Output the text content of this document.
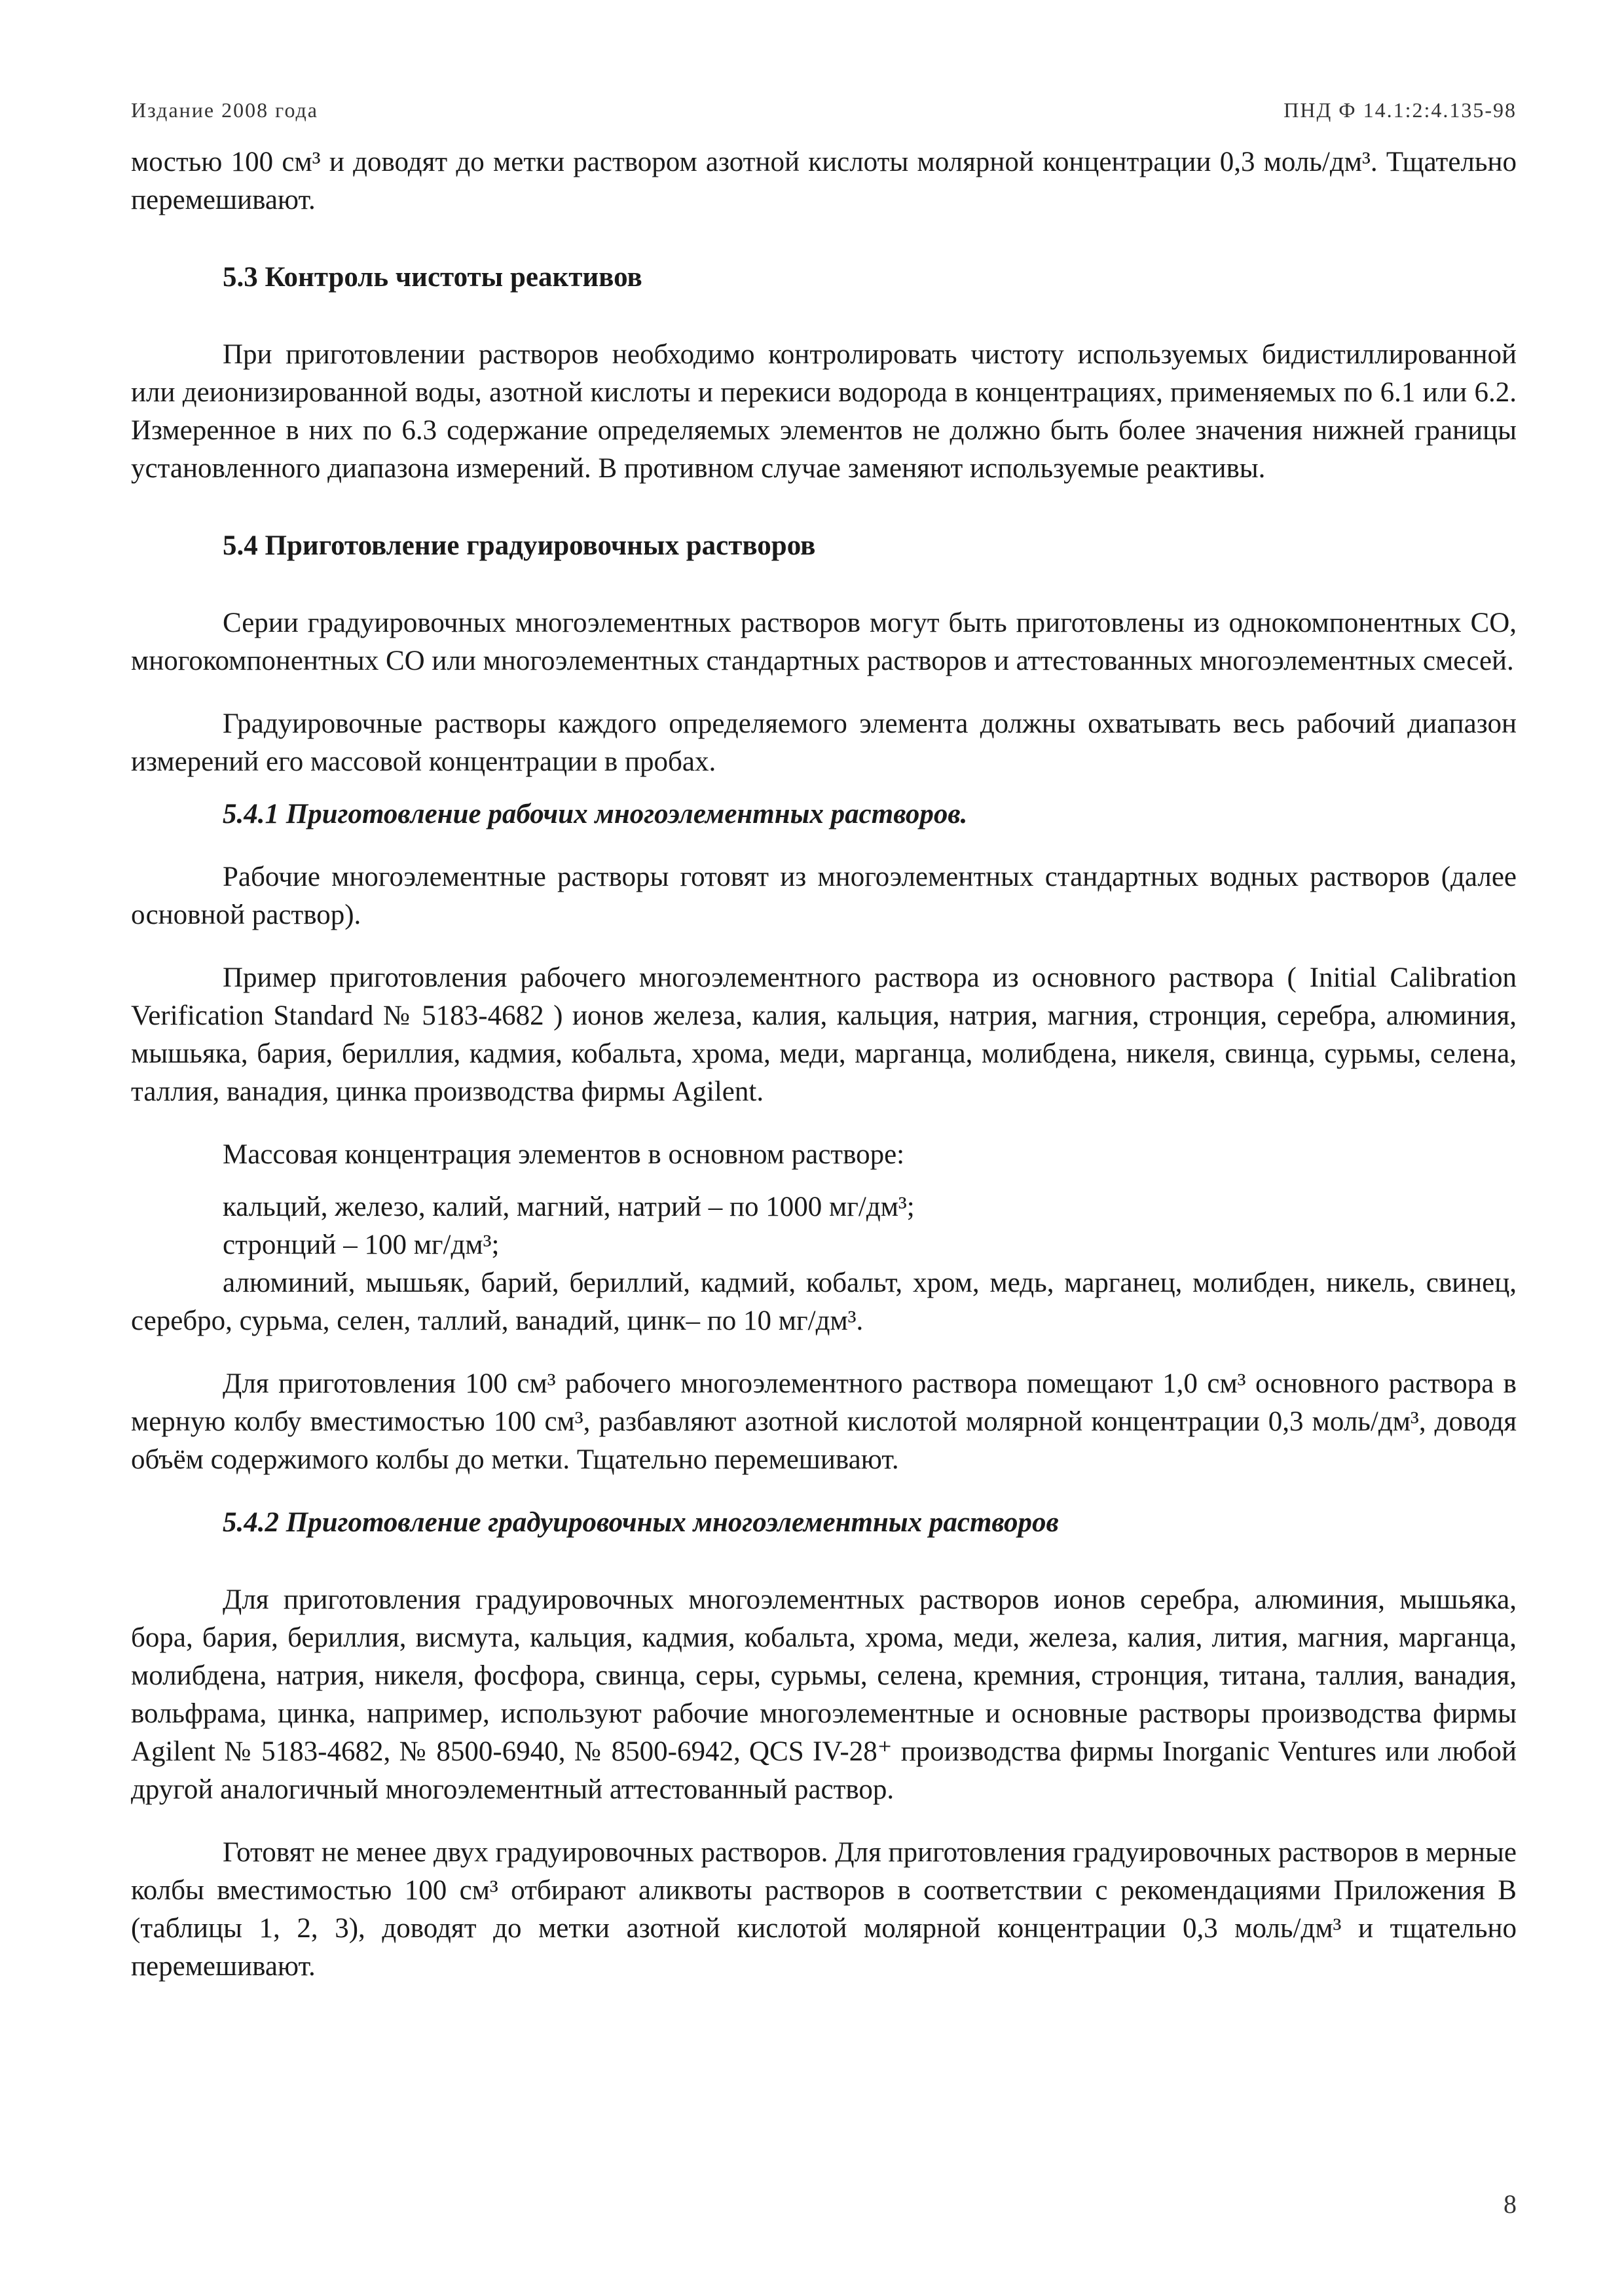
Издание 2008 года	ПНД Ф 14.1:2:4.135-98

мостью 100 см³ и доводят до метки раствором азотной кислоты молярной концентрации 0,3 моль/дм³. Тщательно перемешивают.

5.3 Контроль чистоты реактивов

При приготовлении растворов необходимо контролировать чистоту используемых бидистиллированной или деионизированной воды, азотной кислоты и перекиси водорода в концентрациях, применяемых по 6.1 или 6.2. Измеренное в них по 6.3 содержание определяемых элементов не должно быть более значения нижней границы установленного диапазона измерений. В противном случае заменяют используемые реактивы.

5.4 Приготовление градуировочных растворов

Серии градуировочных многоэлементных растворов могут быть приготовлены из однокомпонентных СО, многокомпонентных СО или многоэлементных стандартных растворов и аттестованных многоэлементных смесей.

Градуировочные растворы каждого определяемого элемента должны охватывать весь рабочий диапазон измерений его массовой концентрации в пробах.

5.4.1 Приготовление рабочих многоэлементных растворов.

Рабочие многоэлементные растворы готовят из многоэлементных стандартных водных растворов (далее основной раствор).

Пример приготовления рабочего многоэлементного раствора из основного раствора ( Initial Calibration Verification Standard № 5183-4682 ) ионов железа, калия, кальция, натрия, магния, стронция, серебра, алюминия, мышьяка, бария, бериллия, кадмия, кобальта, хрома, меди, марганца, молибдена, никеля, свинца, сурьмы, селена, таллия, ванадия, цинка производства фирмы Agilent.

Массовая концентрация элементов в основном растворе:

кальций, железо, калий, магний, натрий – по 1000 мг/дм³;

стронций – 100 мг/дм³;

алюминий, мышьяк, барий, бериллий, кадмий, кобальт, хром, медь, марганец, молибден, никель, свинец, серебро, сурьма, селен, таллий, ванадий, цинк– по 10 мг/дм³.

Для приготовления 100 см³ рабочего многоэлементного раствора помещают 1,0 см³ основного раствора в мерную колбу вместимостью 100 см³, разбавляют азотной кислотой молярной концентрации 0,3 моль/дм³, доводя объём содержимого колбы до метки. Тщательно перемешивают.

5.4.2 Приготовление градуировочных многоэлементных растворов

Для приготовления градуировочных многоэлементных растворов ионов серебра, алюминия, мышьяка, бора, бария, бериллия, висмута, кальция, кадмия, кобальта, хрома, меди, железа, калия, лития, магния, марганца, молибдена, натрия, никеля, фосфора, свинца, серы, сурьмы, селена, кремния, стронция, титана, таллия, ванадия, вольфрама, цинка, например, используют рабочие многоэлементные и основные растворы производства фирмы Agilent № 5183-4682, № 8500-6940, № 8500-6942, QCS IV-28⁺ производства фирмы Inorganic Ventures или любой другой аналогичный многоэлементный аттестованный раствор.

Готовят не менее двух градуировочных растворов. Для приготовления градуировочных растворов в мерные колбы вместимостью 100 см³ отбирают аликвоты растворов в соответствии с рекомендациями Приложения В (таблицы 1, 2, 3), доводят до метки азотной кислотой молярной концентрации 0,3 моль/дм³ и тщательно перемешивают.

8
